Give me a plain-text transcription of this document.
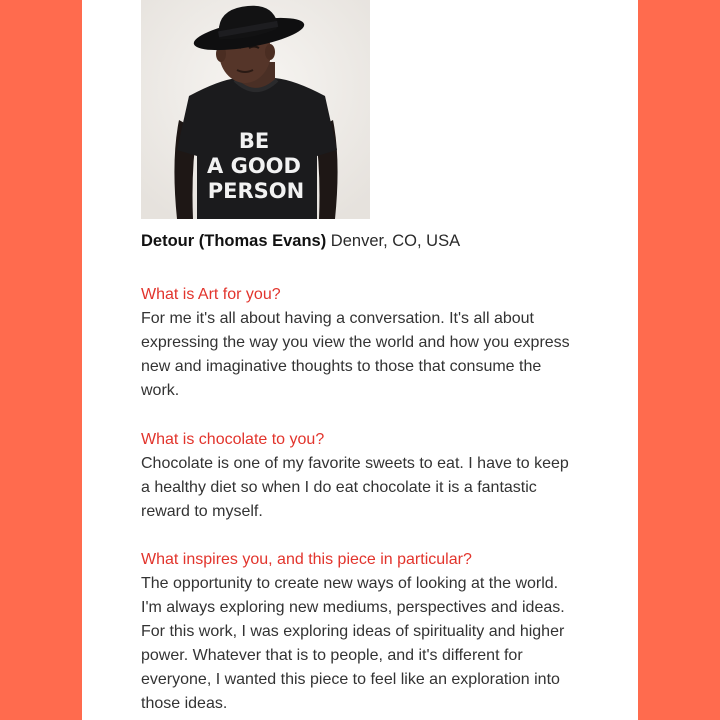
BE
A GOOD
PERSON
Detour (Thomas Evans) Denver, CO, USA
What is Art for you?
For me it's all about having a conversation. It's all about
expressing the way you view the world and how you express
new and imaginative thoughts to those that consume the
work.
What is chocolate to you?
Chocolate is one of my favorite sweets to eat. I have to keep
a healthy diet so when I do eat chocolate it is a fantastic
reward to myself.
What inspires you, and this piece in particular?
The opportunity to create new ways of looking at the world.
I'm always exploring new mediums, perspectives and ideas.
For this work, I was exploring ideas of spirituality and higher
power. Whatever that is to people, and it's different for
everyone, I wanted this piece to feel like an exploration into
those ideas.
